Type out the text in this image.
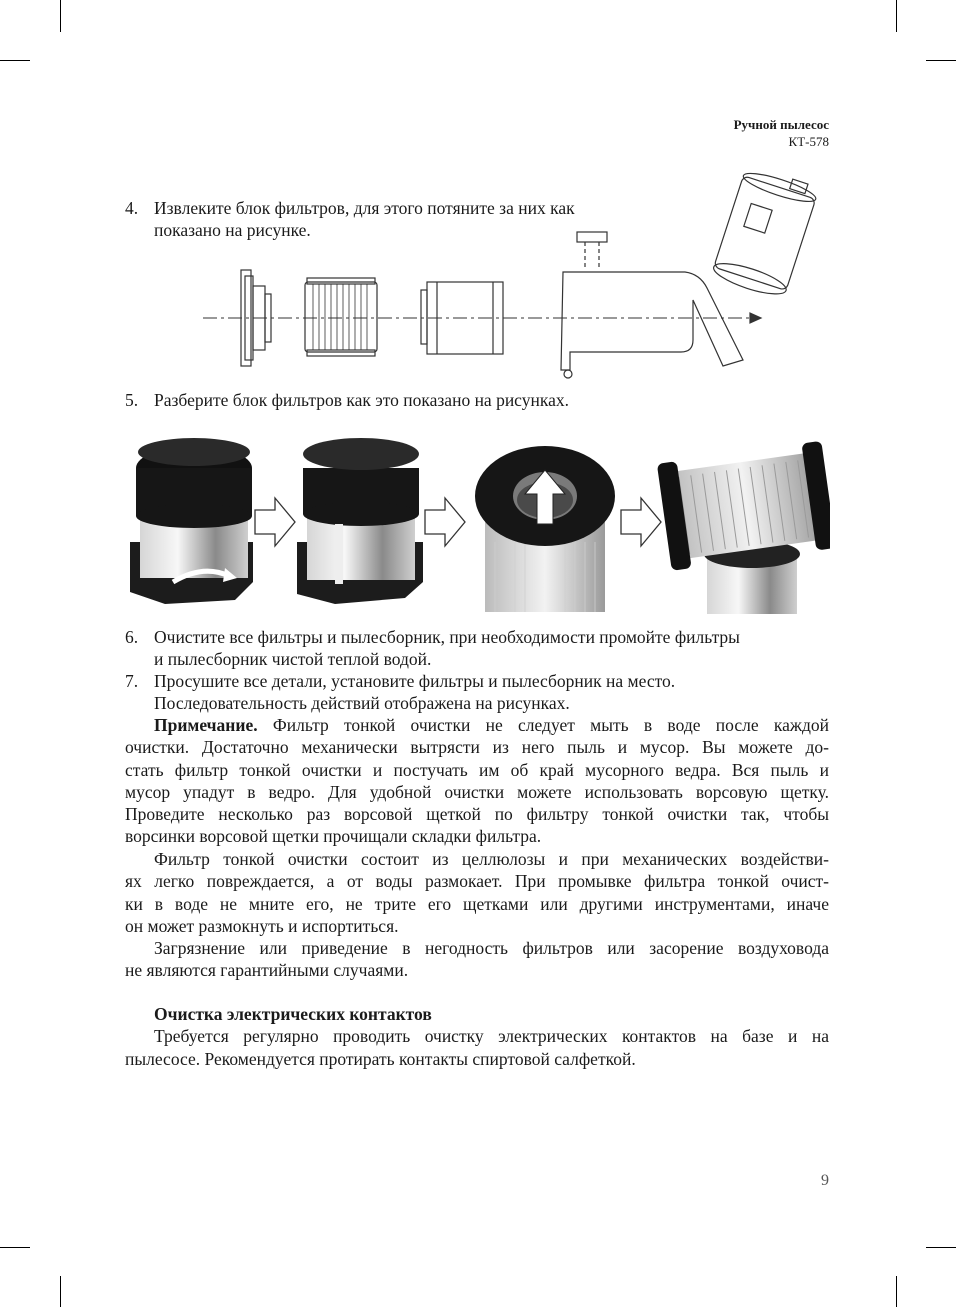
Ручной пылесос
КТ-578
4. Извлеките блок фильтров, для этого потяните за них как
показано на рисунке.
5. Разберите блок фильтров как это показано на рисунках.
6. Очистите все фильтры и пылесборник, при необходимости промойте фильтры
и пылесборник чистой теплой водой.
7. Просушите все детали, установите фильтры и пылесборник на место.
Последовательность действий отображена на рисунках.
Примечание. Фильтр тонкой очистки не следует мыть в воде после каждой
очистки. Достаточно механически вытрясти из него пыль и мусор. Вы можете до-
стать фильтр тонкой очистки и постучать им об край мусорного ведра. Вся пыль и
мусор упадут в ведро. Для удобной очистки можете использовать ворсовую щетку.
Проведите несколько раз ворсовой щеткой по фильтру тонкой очистки так, чтобы
ворсинки ворсовой щетки прочищали складки фильтра.
Фильтр тонкой очистки состоит из целлюлозы и при механических воздействи-
ях легко повреждается, а от воды размокает. При промывке фильтра тонкой очист-
ки в воде не мните его, не трите его щетками или другими инструментами, иначе
он может размокнуть и испортиться.
Загрязнение или приведение в негодность фильтров или засорение воздуховода
не являются гарантийными случаями.
Очистка электрических контактов
Требуется регулярно проводить очистку электрических контактов на базе и на
пылесосе. Рекомендуется протирать контакты спиртовой салфеткой.
9
